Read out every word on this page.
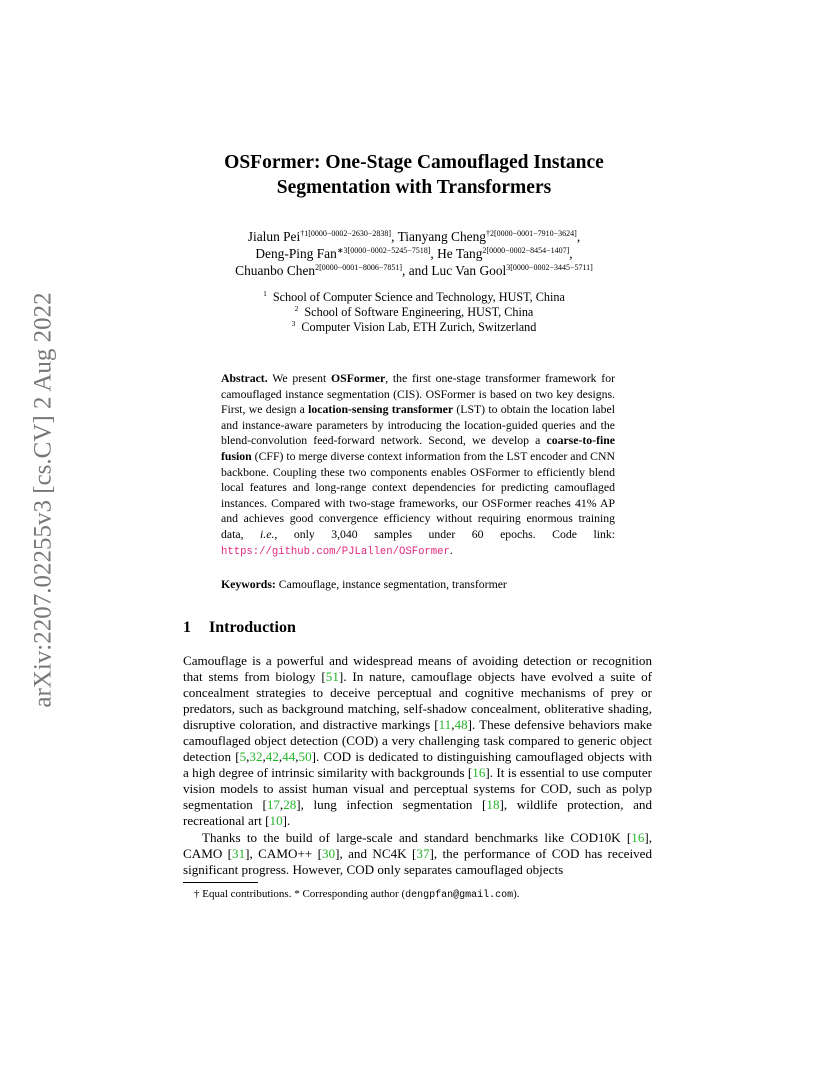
arXiv:2207.02255v3 [cs.CV] 2 Aug 2022
OSFormer: One-Stage Camouflaged Instance
Segmentation with Transformers
Jialun Pei$^{\dagger 1[0000-0002-2630-2838]}$, Tianyang Cheng$^{\dagger 2[0000-0001-7910-3624]}$,
Deng-Ping Fan$^{∗3[0000-0002-5245-7518]}$, He Tang$^{2[0000-0002-8454-1407]}$,
Chuanbo Chen$^{2[0000-0001-8006-7851]}$, and Luc Van Gool$^{3[0000-0002-3445-5711]}$
$^1$ School of Computer Science and Technology, HUST, China
$^2$ School of Software Engineering, HUST, China
$^3$ Computer Vision Lab, ETH Zurich, Switzerland
Abstract. We present OSFormer, the first one-stage transformer framework for camouflaged instance segmentation (CIS). OSFormer is based on two key designs. First, we design a location-sensing transformer (LST) to obtain the location label and instance-aware parameters by introducing the location-guided queries and the blend-convolution feed-forward network. Second, we develop a coarse-to-fine fusion (CFF) to merge diverse context information from the LST encoder and CNN backbone. Coupling these two components enables OSFormer to efficiently blend local features and long-range context dependencies for predicting camouflaged instances. Compared with two-stage frameworks, our OSFormer reaches 41% AP and achieves good convergence efficiency without requiring enormous training data, i.e., only 3,040 samples under 60 epochs. Code link: https://github.com/PJLallen/OSFormer.
Keywords: Camouflage, instance segmentation, transformer
1 Introduction

Camouflage is a powerful and widespread means of avoiding detection or recognition that stems from biology [51]. In nature, camouflage objects have evolved a suite of concealment strategies to deceive perceptual and cognitive mechanisms of prey or predators, such as background matching, self-shadow concealment, obliterative shading, disruptive coloration, and distractive markings [11,48]. These defensive behaviors make camouflaged object detection (COD) a very challenging task compared to generic object detection [5,32,42,44,50]. COD is dedicated to distinguishing camouflaged objects with a high degree of intrinsic similarity with backgrounds [16]. It is essential to use computer vision models to assist human visual and perceptual systems for COD, such as polyp segmentation [17,28], lung infection segmentation [18], wildlife protection, and recreational art [10].

Thanks to the build of large-scale and standard benchmarks like COD10K [16], CAMO [31], CAMO++ [30], and NC4K [37], the performance of COD has received significant progress. However, COD only separates camouflaged objects

† Equal contributions. * Corresponding author (dengpfan@gmail.com).
